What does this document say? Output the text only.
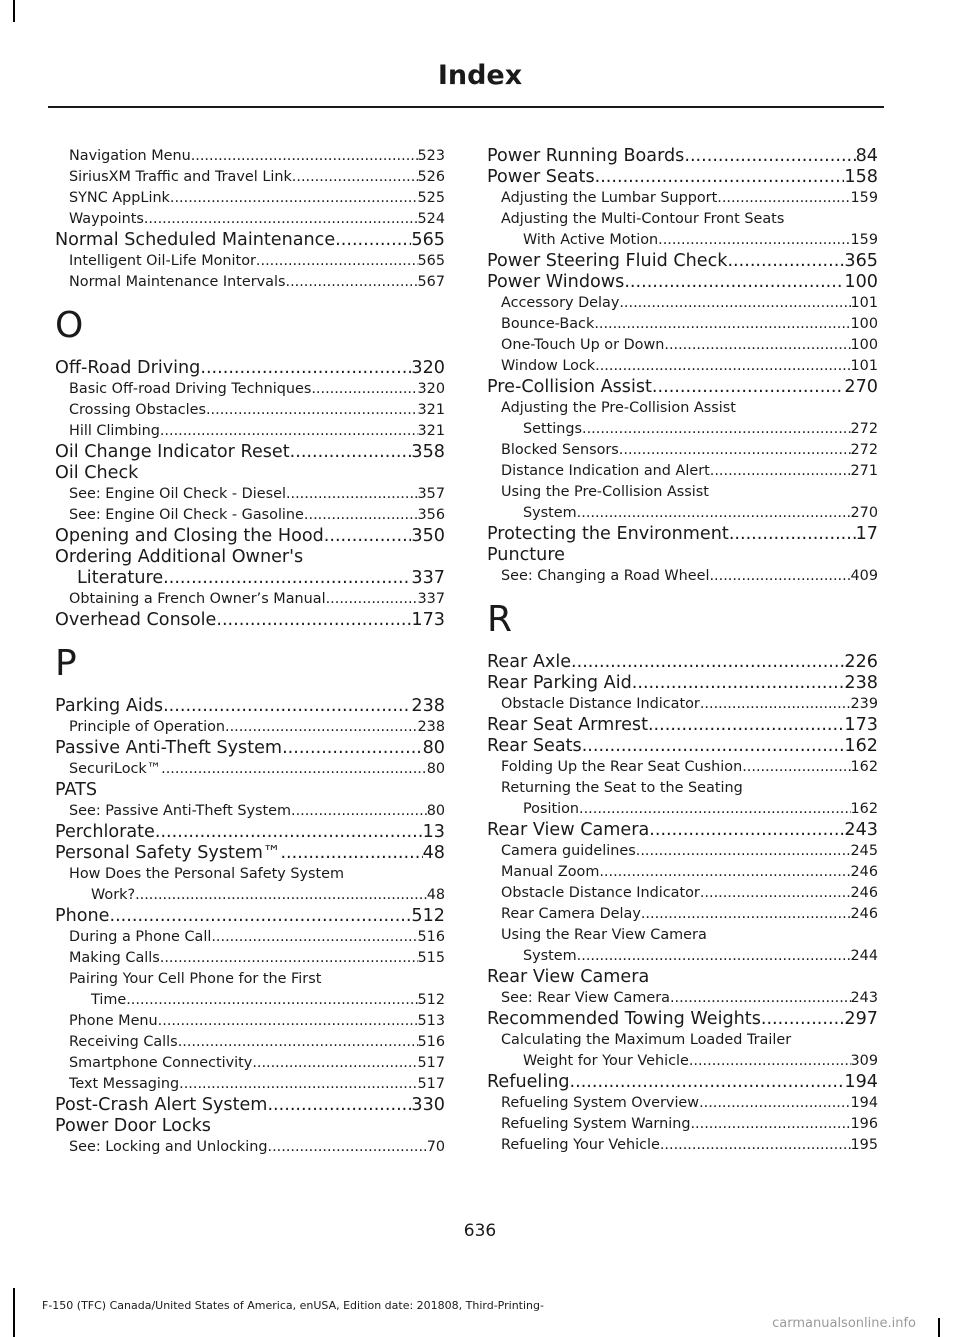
Index
Navigation Menu .....	523
SiriusXM Traffic and Travel Link .....	526
SYNC AppLink .....	525
Waypoints .....	524
Normal Scheduled Maintenance .....	565
Intelligent Oil-Life Monitor .....	565
Normal Maintenance Intervals .....	567
O
Off-Road Driving .....	320
Basic Off-road Driving Techniques .....	320
Crossing Obstacles .....	321
Hill Climbing .....	321
Oil Change Indicator Reset .....	358
Oil Check
See: Engine Oil Check - Diesel .....	357
See: Engine Oil Check - Gasoline .....	356
Opening and Closing the Hood .....	350
Ordering Additional Owner's
Literature .....	337
Obtaining a French Owner’s Manual .....	337
Overhead Console .....	173
P
Parking Aids .....	238
Principle of Operation .....	238
Passive Anti-Theft System .....	80
SecuriLock™ .....	80
PATS
See: Passive Anti-Theft System .....	80
Perchlorate .....	13
Personal Safety System™ .....	48
How Does the Personal Safety System
Work? .....	48
Phone .....	512
During a Phone Call .....	516
Making Calls .....	515
Pairing Your Cell Phone for the First
Time .....	512
Phone Menu .....	513
Receiving Calls .....	516
Smartphone Connectivity .....	517
Text Messaging .....	517
Post-Crash Alert System .....	330
Power Door Locks
See: Locking and Unlocking .....	70
Power Running Boards .....	84
Power Seats .....	158
Adjusting the Lumbar Support .....	159
Adjusting the Multi-Contour Front Seats
With Active Motion .....	159
Power Steering Fluid Check .....	365
Power Windows .....	100
Accessory Delay .....	101
Bounce-Back .....	100
One-Touch Up or Down .....	100
Window Lock .....	101
Pre-Collision Assist .....	270
Adjusting the Pre-Collision Assist
Settings .....	272
Blocked Sensors .....	272
Distance Indication and Alert .....	271
Using the Pre-Collision Assist
System .....	270
Protecting the Environment .....	17
Puncture
See: Changing a Road Wheel .....	409
R
Rear Axle .....	226
Rear Parking Aid .....	238
Obstacle Distance Indicator .....	239
Rear Seat Armrest .....	173
Rear Seats .....	162
Folding Up the Rear Seat Cushion .....	162
Returning the Seat to the Seating
Position .....	162
Rear View Camera .....	243
Camera guidelines .....	245
Manual Zoom .....	246
Obstacle Distance Indicator .....	246
Rear Camera Delay .....	246
Using the Rear View Camera
System .....	244
Rear View Camera
See: Rear View Camera .....	243
Recommended Towing Weights .....	297
Calculating the Maximum Loaded Trailer
Weight for Your Vehicle .....	309
Refueling .....	194
Refueling System Overview .....	194
Refueling System Warning .....	196
Refueling Your Vehicle .....	195
636
F-150 (TFC) Canada/United States of America, enUSA, Edition date: 201808, Third-Printing-
carmanualsonline.info
